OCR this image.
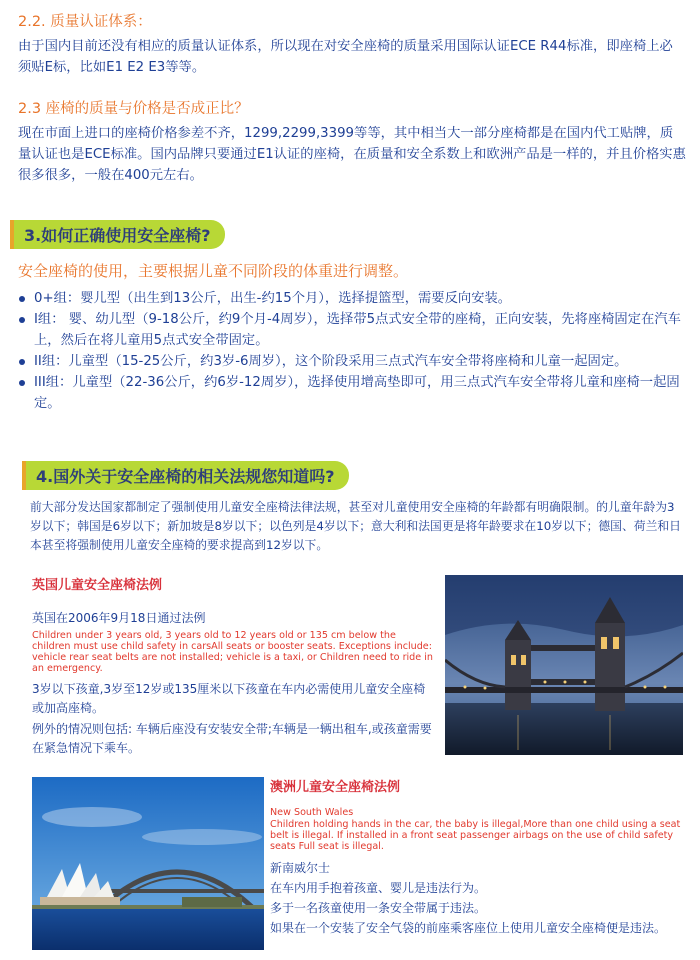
2.2. 质量认证体系：

由于国内目前还没有相应的质量认证体系，所以现在对安全座椅的质量采用国际认证ECE R44标准，即座椅上必须贴E标，比如E1 E2 E3等等。

2.3 座椅的质量与价格是否成正比？

现在市面上进口的座椅价格参差不齐，1299,2299,3399等等，其中相当大一部分座椅都是在国内代工贴牌，质量认证也是ECE标准。国内品牌只要通过E1认证的座椅，在质量和安全系数上和欧洲产品是一样的，并且价格实惠很多很多，一般在400元左右。

3.如何正确使用安全座椅?
安全座椅的使用，主要根据儿童不同阶段的体重进行调整。
0+组：婴儿型（出生到13公斤，出生-约15个月），选择提篮型，需要反向安装。
I组： 婴、幼儿型（9-18公斤，约9个月-4周岁），选择带5点式安全带的座椅，正向安装，先将座椅固定在汽车上，然后在将儿童用5点式安全带固定。
II组：儿童型（15-25公斤，约3岁-6周岁），这个阶段采用三点式汽车安全带将座椅和儿童一起固定。
III组：儿童型（22-36公斤，约6岁-12周岁），选择使用增高垫即可，用三点式汽车安全带将儿童和座椅一起固定。
4.国外关于安全座椅的相关法规您知道吗?

前大部分发达国家都制定了强制使用儿童安全座椅法律法规，甚至对儿童使用安全座椅的年龄都有明确限制。的儿童年龄为3岁以下；韩国是6岁以下；新加坡是8岁以下；以色列是4岁以下；意大利和法国更是将年龄要求在10岁以下；德国、荷兰和日本甚至将强制使用儿童安全座椅的要求提高到12岁以下。

英国儿童安全座椅法例

英国在2006年9月18日通过法例

Children under 3 years old, 3 years old to 12 years old or 135 cm below the children must use child safety in carsAll seats or booster seats. Exceptions include: vehicle rear seat belts are not installed; vehicle is a taxi, or Children need to ride in an emergency.

3岁以下孩童,3岁至12岁或135厘米以下孩童在车内必需使用儿童安全座椅或加高座椅。

例外的情况则包括: 车辆后座没有安装安全带;车辆是一辆出租车,或孩童需要在紧急情况下乘车。

澳洲儿童安全座椅法例

New South Wales

Children holding hands in the car, the baby is illegal,More than one child using a seat belt is illegal. If installed in a front seat passenger airbags on the use of child safety seats Full seat is illegal.

新南威尔士

在车内用手抱着孩童、婴儿是违法行为。

多于一名孩童使用一条安全带属于违法。

如果在一个安装了安全气袋的前座乘客座位上使用儿童安全座椅便是违法。
